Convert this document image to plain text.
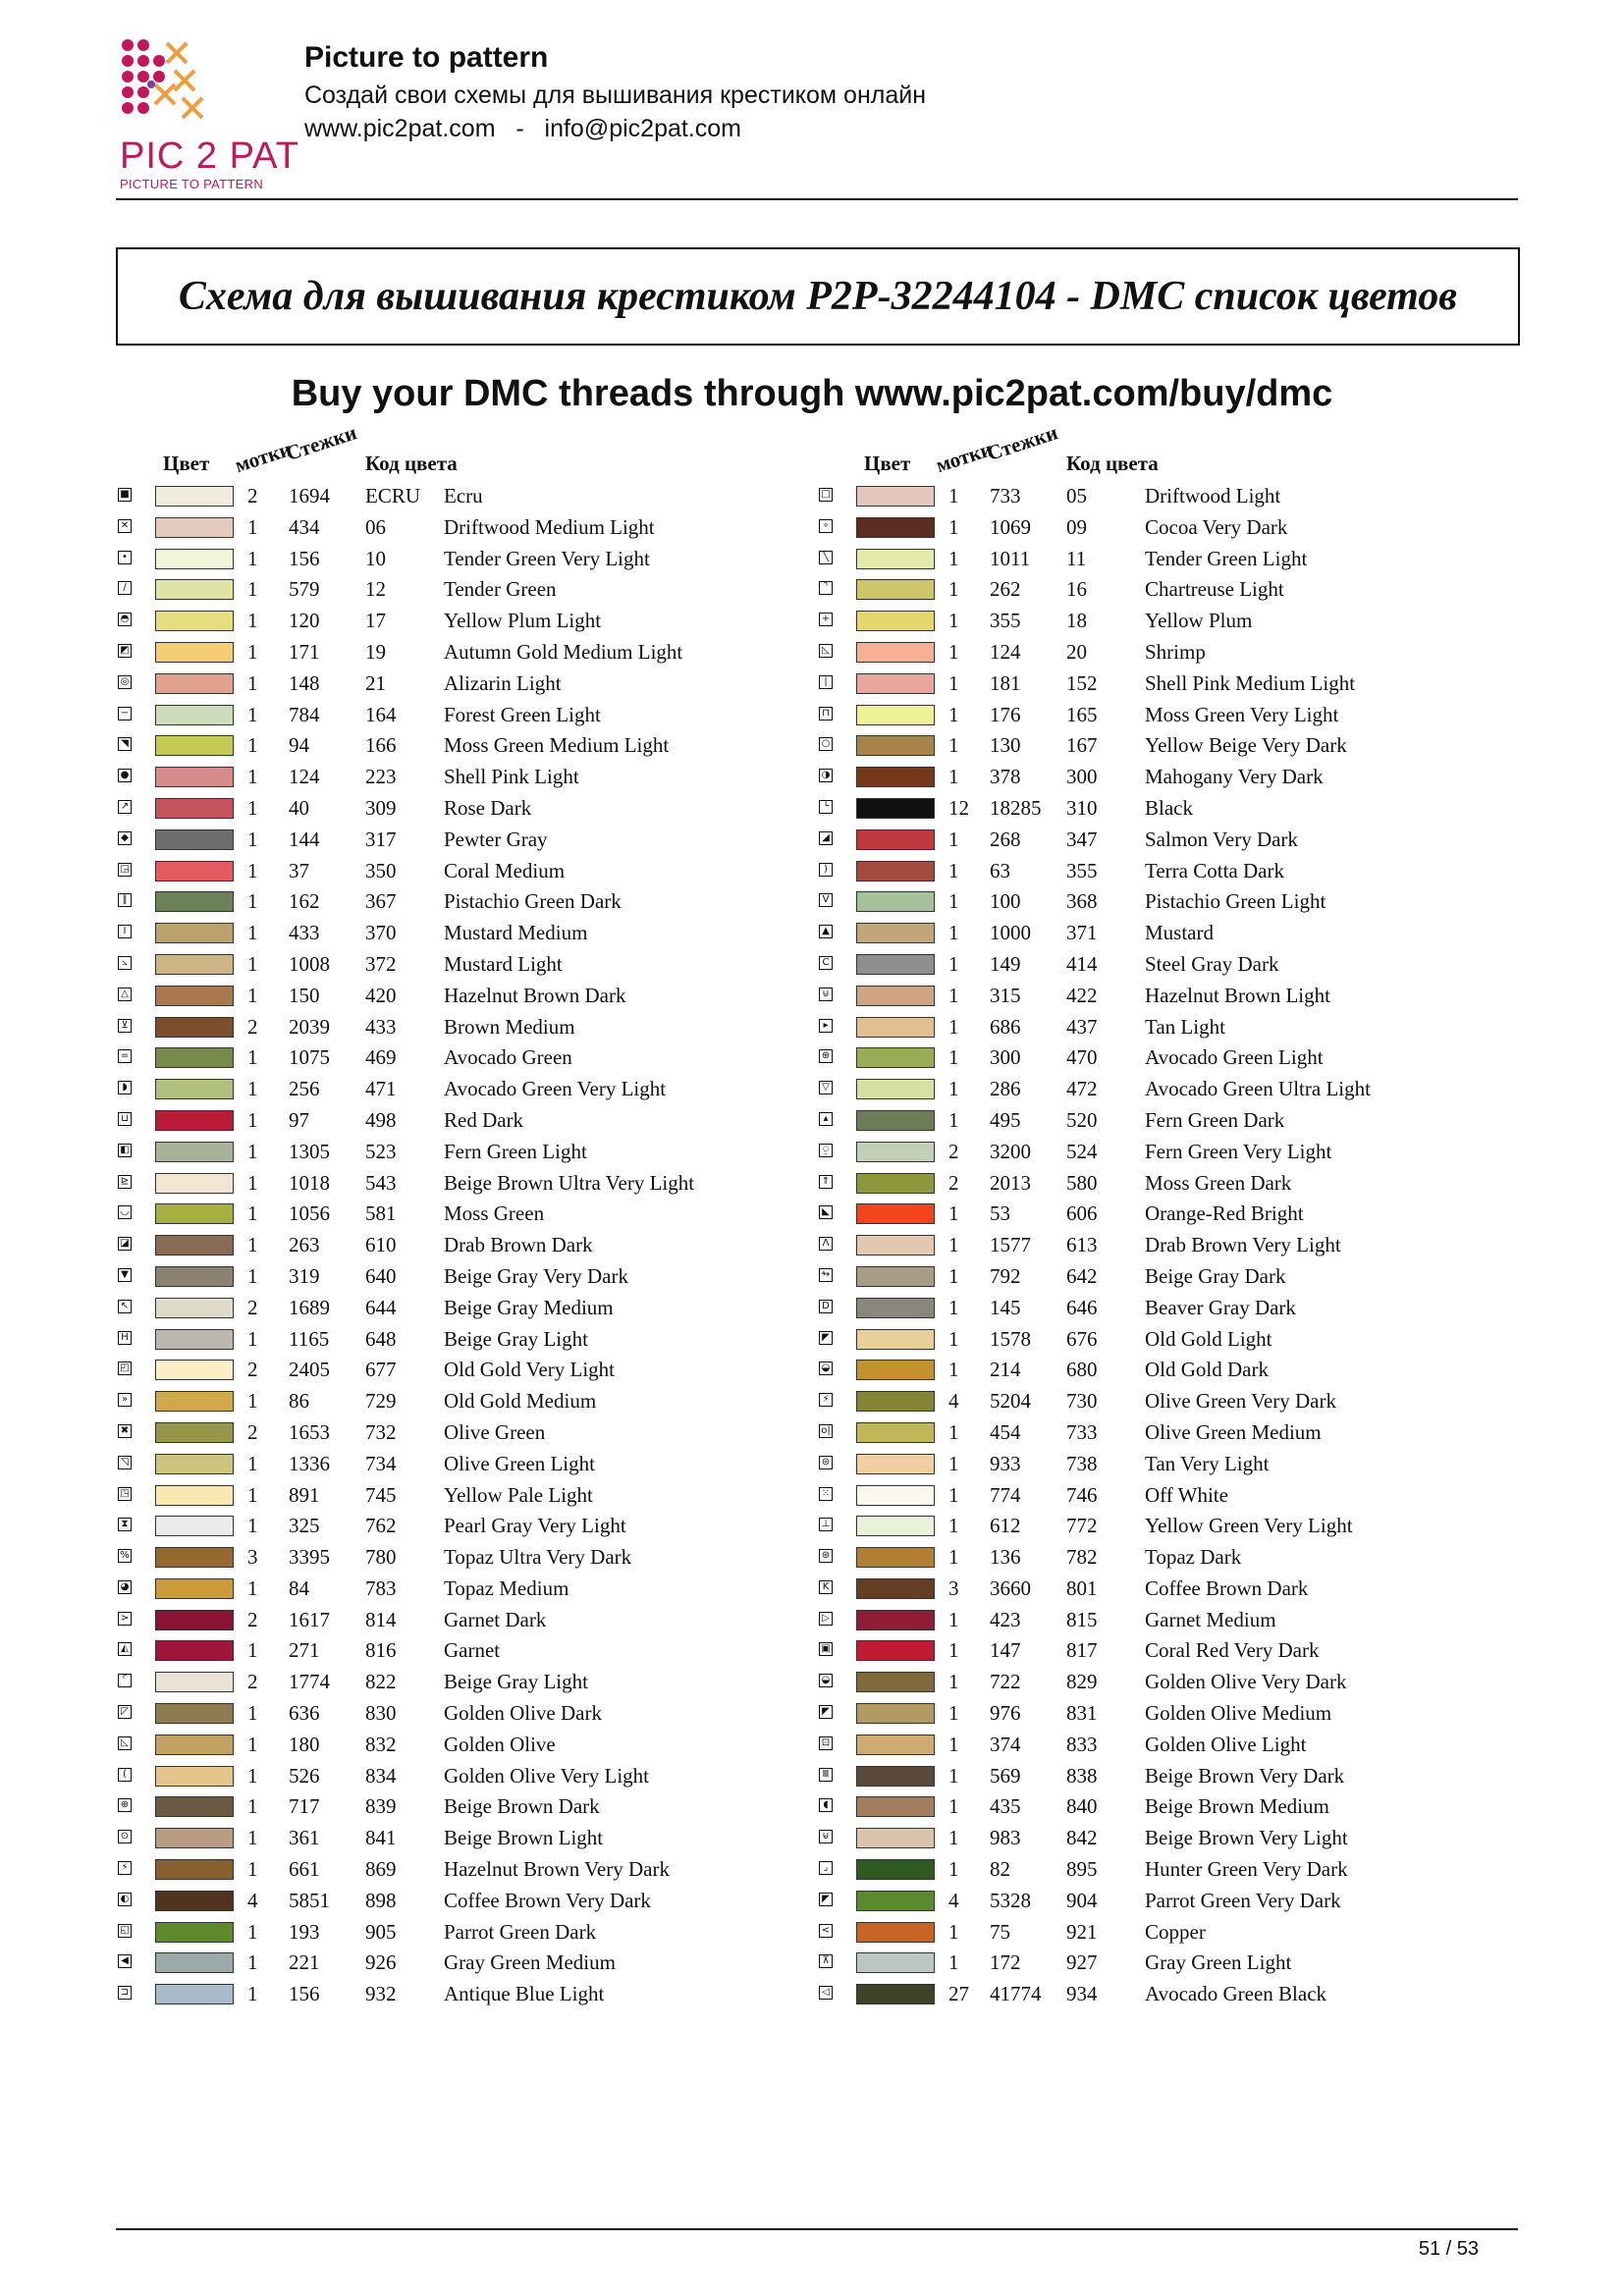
PIC 2 PAT
PICTURE TO PATTERN
Picture to pattern
Создай свои схемы для вышивания крестиком онлайн
www.pic2pat.com   -   info@pic2pat.com
Схема для вышивания крестиком P2P-32244104 - DMC список цветов
Buy your DMC threads through www.pic2pat.com/buy/dmc
Цвет мотки
Стежки Код цвета
■	2 1694 ECRU Ecru
✕	1 434 06	Driftwood Medium Light
•	1 156 10	Tender Green Very Light
/	1 579 12	Tender Green
◓	1 120 17	Yellow Plum Light
◩	1 171 19	Autumn Gold Medium Light
◎	1 148 21	Alizarin Light
−	1 784 164 Forest Green Light
◥	1 94	166 Moss Green Medium Light
●	1 124 223 Shell Pink Light
↗	1 40	309 Rose Dark
◆	1 144 317 Pewter Gray
◲	1 37	350 Coral Medium
‖	1 162 367 Pistachio Green Dark
I	1 433 370 Mustard Medium
⦣	1 1008 372 Mustard Light
△	1 150 420 Hazelnut Brown Dark
⊻	2 2039 433 Brown Medium
=	1 1075 469 Avocado Green
◗	1 256 471 Avocado Green Very Light
⊔	1 97	498 Red Dark
◧	1 1305 523 Fern Green Light
⊵	1 1018 543 Beige Brown Ultra Very Light
◡	1 1056 581 Moss Green
◪	1 263 610 Drab Brown Dark
▼	1 319 640 Beige Gray Very Dark
↖	2 1689 644 Beige Gray Medium
H	1 1165 648 Beige Gray Light
◰	2 2405 677 Old Gold Very Light
»	1 86	729 Old Gold Medium
✖	2 1653 732 Olive Green
◹	1 1336 734 Olive Green Light
◳	1 891 745 Yellow Pale Light
⧗	1 325 762 Pearl Gray Very Light
%	3 3395 780 Topaz Ultra Very Dark
◕	1 84	783 Topaz Medium
>	2 1617 814 Garnet Dark
◭	1 271 816 Garnet
⌜	2 1774 822 Beige Gray Light
◸	1 636 830 Golden Olive Dark
◺	1 180 832 Golden Olive
(	1 526 834 Golden Olive Very Light
⊕	1 717 839 Beige Brown Dark
⊙	1 361 841 Beige Brown Light
⚡	1 661 869 Hazelnut Brown Very Dark
◐	4 5851 898 Coffee Brown Very Dark
◱	1 193 905 Parrot Green Dark
◀	1 221 926 Gray Green Medium
⊐	1 156 932 Antique Blue Light
Цвет мотки
Стежки Код цвета
□	1 733 05	Driftwood Light
∘	1 1069 09	Cocoa Very Dark
╲	1 1011 11	Tender Green Light
⌝	1 262 16	Chartreuse Light
+	1 355 18	Yellow Plum
◺	1 124 20	Shrimp
|	1 181 152 Shell Pink Medium Light
⊓	1 176 165 Moss Green Very Light
○	1 130 167 Yellow Beige Very Dark
◑	1 378 300 Mahogany Very Dark
└	12 18285 310 Black
◢	1 268 347 Salmon Very Dark
)	1 63	355 Terra Cotta Dark
V	1 100 368 Pistachio Green Light
▲	1 1000 371 Mustard
C	1 149 414 Steel Gray Dark
⊍	1 315 422 Hazelnut Brown Light
▸	1 686 437 Tan Light
⊕	1 300 470 Avocado Green Light
▽	1 286 472 Avocado Green Ultra Light
▴	1 495 520 Fern Green Dark
⍜	2 3200 524 Fern Green Very Light
⇑	2 2013 580 Moss Green Dark
◣	1 53	606 Orange-Red Bright
Λ	1 1577 613 Drab Brown Very Light
↬	1 792 642 Beige Gray Dark
D	1 145 646 Beaver Gray Dark
◤	1 1578 676 Old Gold Light
◒	1 214 680 Old Gold Dark
⚡	4 5204 730 Olive Green Very Dark
o|	1 454 733 Olive Green Medium
⊜	1 933 738 Tan Very Light
⁙	1 774 746 Off White
⊥	1 612 772 Yellow Green Very Light
⊛	1 136 782 Topaz Dark
K	3 3660 801 Coffee Brown Dark
▷	1 423 815 Garnet Medium
▣	1 147 817 Coral Red Very Dark
◒	1 722 829 Golden Olive Very Dark
◤	1 976 831 Golden Olive Medium
⊡	1 374 833 Golden Olive Light
Ⅲ	1 569 838 Beige Brown Very Dark
◖	1 435 840 Beige Brown Medium
⊌	1 983 842 Beige Brown Very Light
⌟	1 82	895 Hunter Green Very Dark
◤	4 5328 904 Parrot Green Very Dark
<	1 75	921 Copper
⊼	1 172 927 Gray Green Light
◁	27 41774 934 Avocado Green Black
51 / 53
